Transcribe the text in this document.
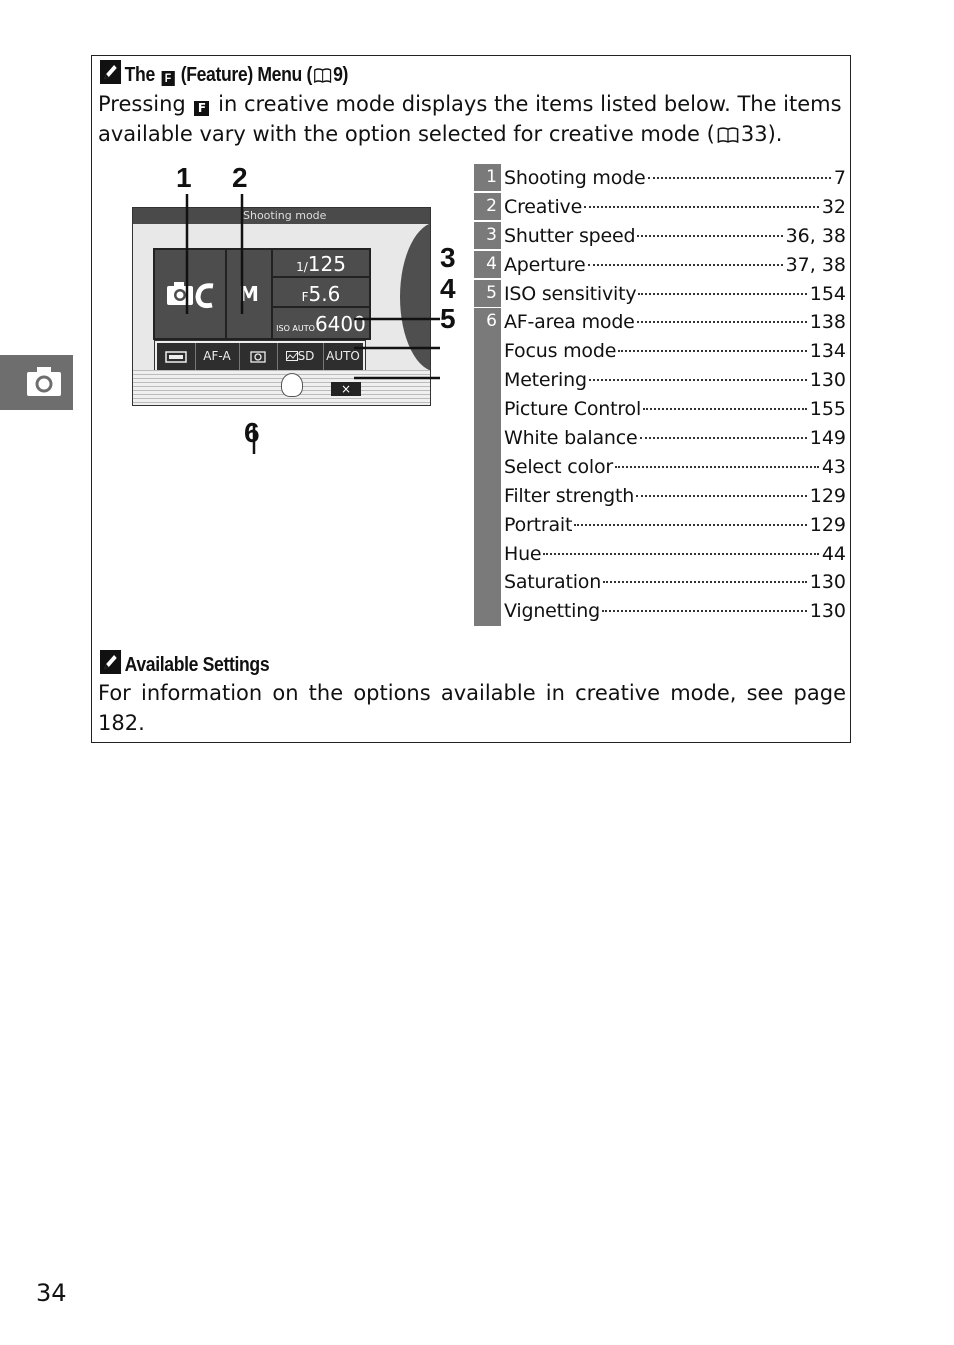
The F (Feature) Menu ( 9)
Pressing F in creative mode displays the items listed below. The items available vary with the option selected for creative mode ( 33).
Shooting mode
M
1/125
F5.6
ISO AUTO6400
AF-A	SD AUTO
×
1 2
3
4
5
6
1 Shooting mode	7
2 Creative	32
3 Shutter speed	36, 38
4 Aperture	37, 38
5 ISO sensitivity	154
6 AF-area mode	138
Focus mode	134
Metering	130
Picture Control	155
White balance	149
Select color	43
Filter strength	129
Portrait	129
Hue	44
Saturation	130
Vignetting	130
Available Settings
For information on the options available in creative mode, see page 182.
34
